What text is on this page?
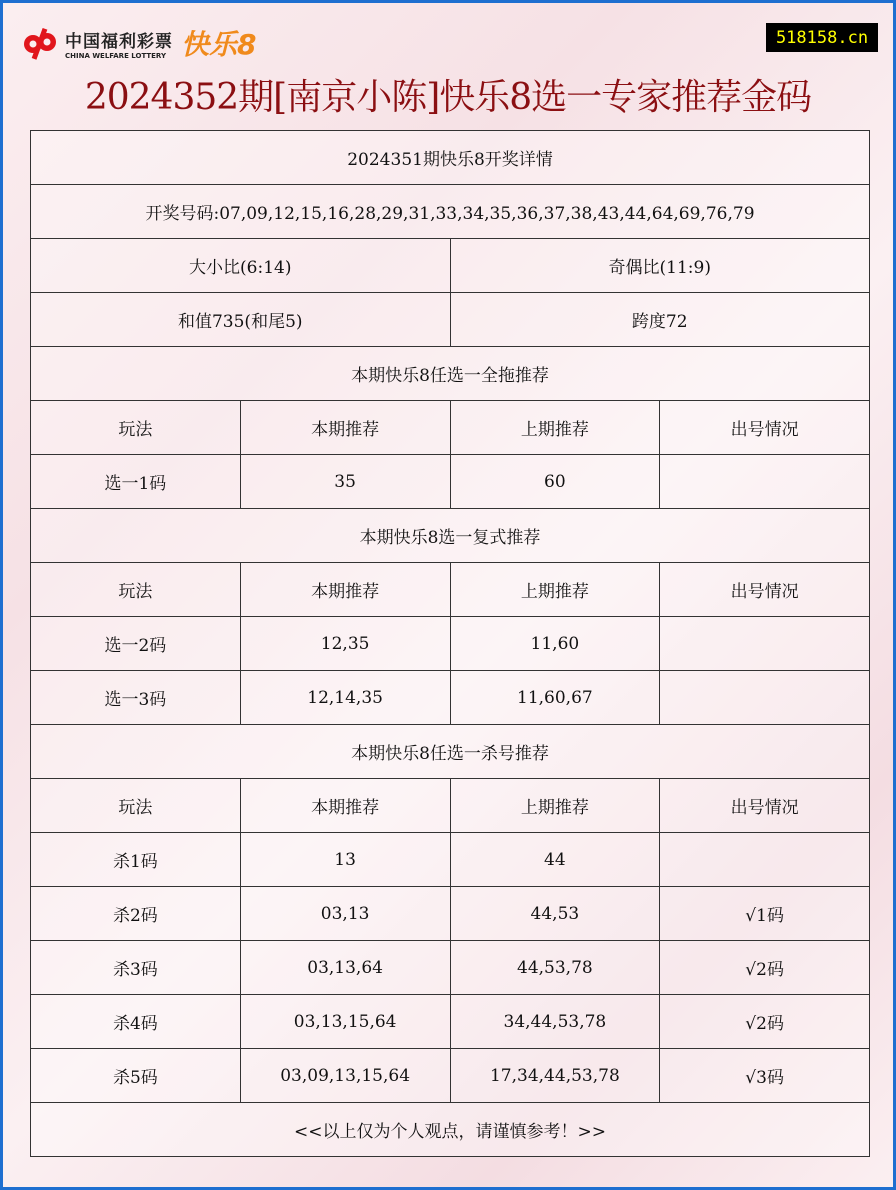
中国福利彩票
CHINA WELFARE LOTTERY 快乐8	518158.cn
2024352期[南京小陈]快乐8选一专家推荐金码
2024351期快乐8开奖详情			
开奖号码:07,09,12,15,16,28,29,31,33,34,35,36,37,38,43,44,64,69,76,79			
大小比(6:14)		奇偶比(11:9)	
和值735(和尾5)		跨度72	
本期快乐8任选一全拖推荐			
玩法	本期推荐	上期推荐	出号情况
选一1码	35	60	
本期快乐8选一复式推荐			
玩法	本期推荐	上期推荐	出号情况
选一2码	12,35	11,60	
选一3码	12,14,35	11,60,67	
本期快乐8任选一杀号推荐			
玩法	本期推荐	上期推荐	出号情况
杀1码	13	44	
杀2码	03,13	44,53	√1码
杀3码	03,13,64	44,53,78	√2码
杀4码	03,13,15,64	34,44,53,78	√2码
杀5码	03,09,13,15,64	17,34,44,53,78	√3码
<<以上仅为个人观点，请谨慎参考！>>			
